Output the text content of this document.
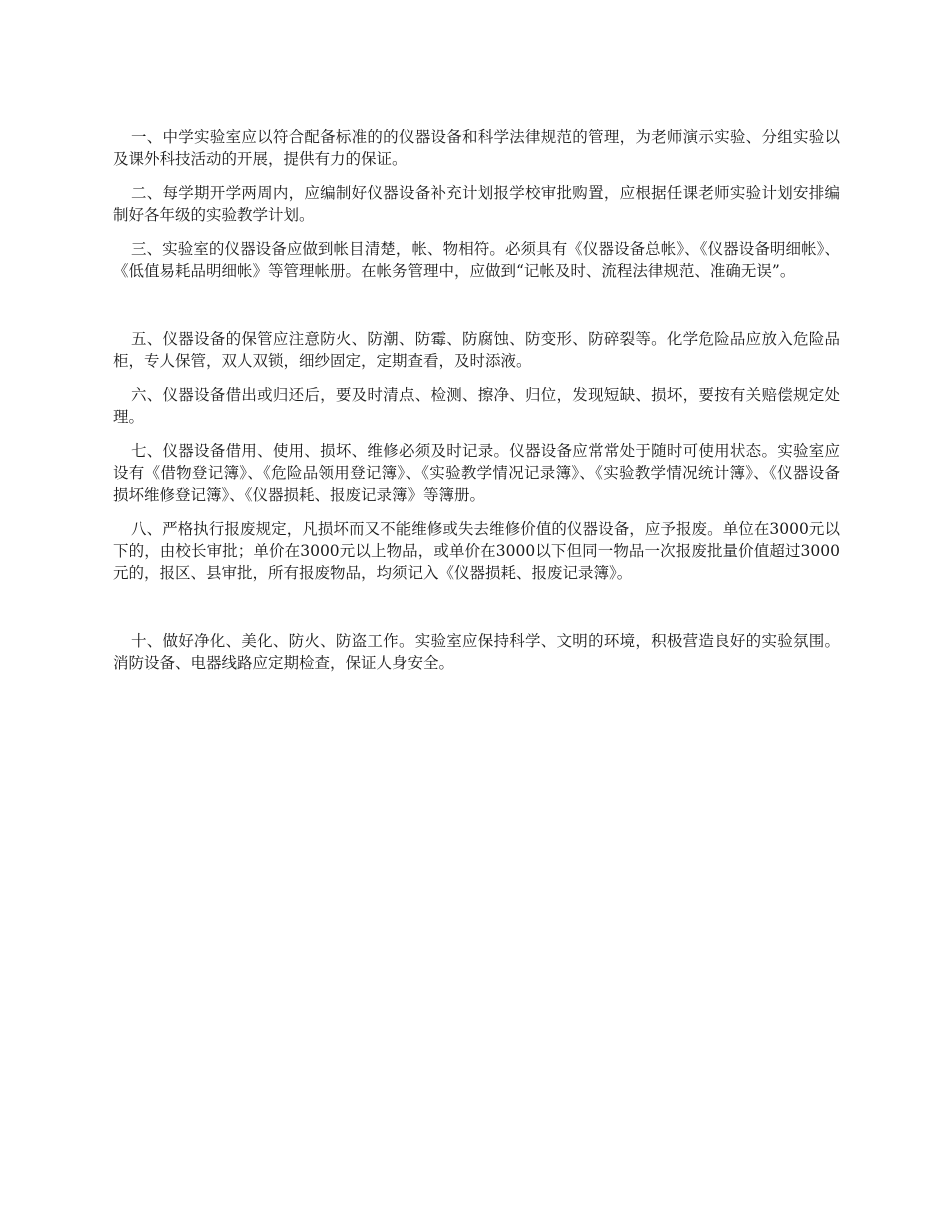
一、中学实验室应以符合配备标准的的仪器设备和科学法律规范的管理，为老师演示实验、分组实验以及课外科技活动的开展，提供有力的保证。

二、每学期开学两周内，应编制好仪器设备补充计划报学校审批购置，应根据任课老师实验计划安排编制好各年级的实验教学计划。

三、实验室的仪器设备应做到帐目清楚，帐、物相符。必须具有《仪器设备总帐》、《仪器设备明细帐》、《低值易耗品明细帐》等管理帐册。在帐务管理中，应做到“记帐及时、流程法律规范、准确无误”。

五、仪器设备的保管应注意防火、防潮、防霉、防腐蚀、防变形、防碎裂等。化学危险品应放入危险品柜，专人保管，双人双锁，细纱固定，定期查看，及时添液。

六、仪器设备借出或归还后，要及时清点、检测、擦净、归位，发现短缺、损坏，要按有关赔偿规定处理。

七、仪器设备借用、使用、损坏、维修必须及时记录。仪器设备应常常处于随时可使用状态。实验室应设有《借物登记簿》、《危险品领用登记簿》、《实验教学情况记录簿》、《实验教学情况统计簿》、《仪器设备损坏维修登记簿》、《仪器损耗、报废记录簿》等簿册。

八、严格执行报废规定，凡损坏而又不能维修或失去维修价值的仪器设备，应予报废。单位在3000元以下的，由校长审批；单价在3000元以上物品，或单价在3000以下但同一物品一次报废批量价值超过3000元的，报区、县审批，所有报废物品，均须记入《仪器损耗、报废记录簿》。

十、做好净化、美化、防火、防盗工作。实验室应保持科学、文明的环境，积极营造良好的实验氛围。消防设备、电器线路应定期检查，保证人身安全。
